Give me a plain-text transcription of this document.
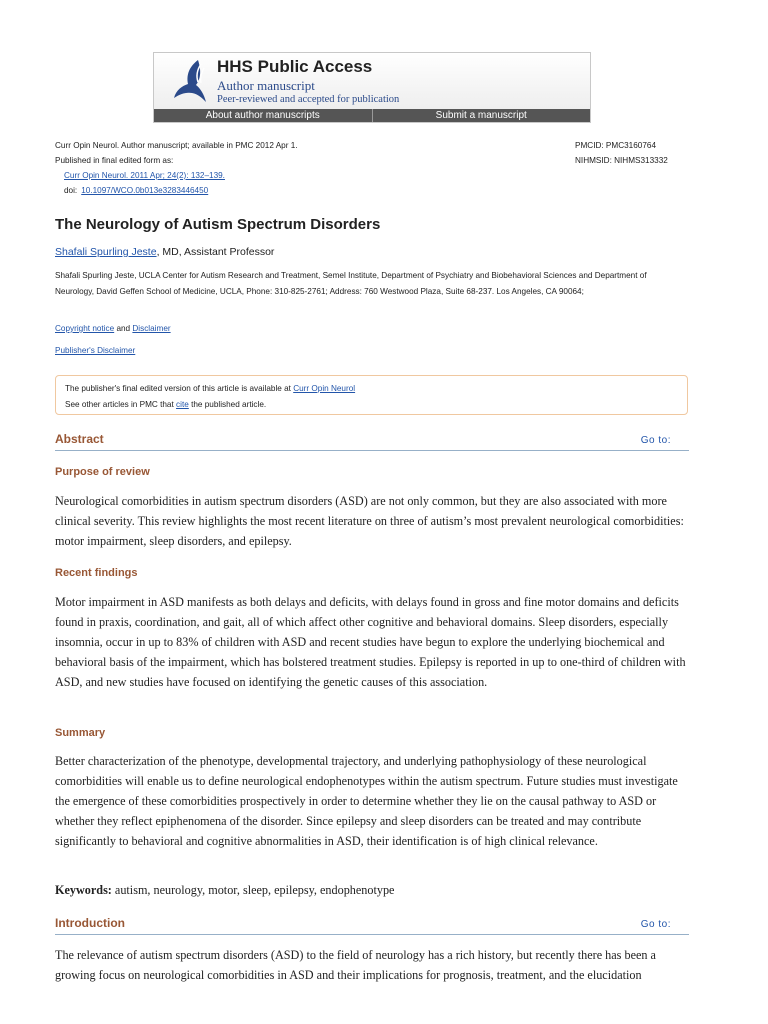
HHS Public Access
Author manuscript
Peer-reviewed and accepted for publication
About author manuscripts	Submit a manuscript
Curr Opin Neurol. Author manuscript; available in PMC 2012 Apr 1.
Published in final edited form as:
Curr Opin Neurol. 2011 Apr; 24(2): 132–139.
doi: 10.1097/WCO.0b013e3283446450
PMCID: PMC3160764
NIHMSID: NIHMS313332
The Neurology of Autism Spectrum Disorders
Shafali Spurling Jeste, MD, Assistant Professor
Shafali Spurling Jeste, UCLA Center for Autism Research and Treatment, Semel Institute, Department of Psychiatry and Biobehavioral Sciences and Department of Neurology, David Geffen School of Medicine, UCLA, Phone: 310-825-2761; Address: 760 Westwood Plaza, Suite 68-237. Los Angeles, CA 90064;
Copyright notice and Disclaimer
Publisher's Disclaimer
The publisher's final edited version of this article is available at Curr Opin Neurol
See other articles in PMC that cite the published article.
Abstract	Go to:
Purpose of review
Neurological comorbidities in autism spectrum disorders (ASD) are not only common, but they are also associated with more clinical severity. This review highlights the most recent literature on three of autism’s most prevalent neurological comorbidities: motor impairment, sleep disorders, and epilepsy.
Recent findings
Motor impairment in ASD manifests as both delays and deficits, with delays found in gross and fine motor domains and deficits found in praxis, coordination, and gait, all of which affect other cognitive and behavioral domains. Sleep disorders, especially insomnia, occur in up to 83% of children with ASD and recent studies have begun to explore the underlying biochemical and behavioral basis of the impairment, which has bolstered treatment studies. Epilepsy is reported in up to one-third of children with ASD, and new studies have focused on identifying the genetic causes of this association.
Summary
Better characterization of the phenotype, developmental trajectory, and underlying pathophysiology of these neurological comorbidities will enable us to define neurological endophenotypes within the autism spectrum. Future studies must investigate the emergence of these comorbidities prospectively in order to determine whether they lie on the causal pathway to ASD or whether they reflect epiphenomena of the disorder. Since epilepsy and sleep disorders can be treated and may contribute significantly to behavioral and cognitive abnormalities in ASD, their identification is of high clinical relevance.
Keywords: autism, neurology, motor, sleep, epilepsy, endophenotype
Introduction	Go to:
The relevance of autism spectrum disorders (ASD) to the field of neurology has a rich history, but recently there has been a growing focus on neurological comorbidities in ASD and their implications for prognosis, treatment, and the elucidation
